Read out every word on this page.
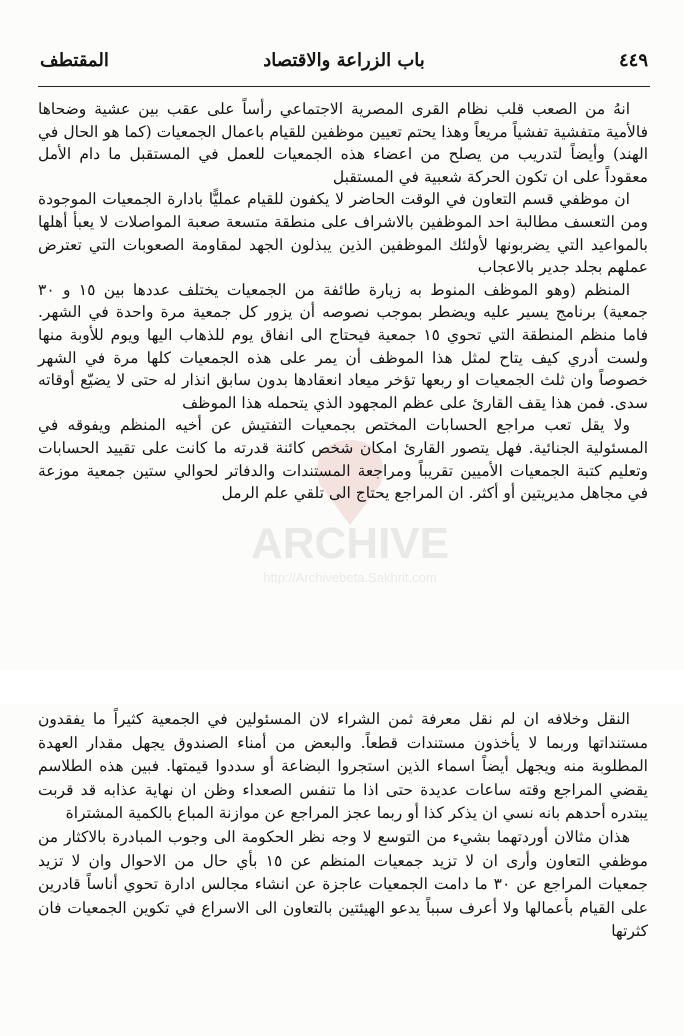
٤٤٩
باب الزراعة والاقتصاد
المقتطف
ARCHIVE
http://Archivebeta.Sakhrit.com

انهُ من الصعب قلب نظام القرى المصرية الاجتماعي رأساً على عقب بين عشية وضحاها فالأمية متفشية تفشياً مريعاً وهذا يحتم تعيين موظفين للقيام باعمال الجمعيات (كما هو الحال في الهند) وأيضاً لتدريب من يصلح من اعضاء هذه الجمعيات للعمل في المستقبل ما دام الأمل معقوداً على ان تكون الحركة شعبية في المستقبل

ان موظفي قسم التعاون في الوقت الحاضر لا يكفون للقيام عمليًّا بادارة الجمعيات الموجودة ومن التعسف مطالبة احد الموظفين بالاشراف على منطقة متسعة صعبة المواصلات لا يعبأ أهلها بالمواعيد التي يضربونها لأولئك الموظفين الذين يبذلون الجهد لمقاومة الصعوبات التي تعترض عملهم بجلد جدير بالاعجاب

المنظم (وهو الموظف المنوط به زيارة طائفة من الجمعيات يختلف عددها بين ١٥ و ٣٠ جمعية) برنامج يسير عليه ويضطر بموجب نصوصه أن يزور كل جمعية مرة واحدة في الشهر. فاما منظم المنطقة التي تحوي ١٥ جمعية فيحتاج الى انفاق يوم للذهاب اليها ويوم للأوبة منها ولست أدري كيف يتاح لمثل هذا الموظف أن يمر على هذه الجمعيات كلها مرة في الشهر خصوصاً وان ثلث الجمعيات او ربعها تؤخر ميعاد انعقادها بدون سابق انذار له حتى لا يضيّع أوقاته سدى. فمن هذا يقف القارئ على عظم المجهود الذي يتحمله هذا الموظف

ولا يقل تعب مراجع الحسابات المختص بجمعيات التفتيش عن أخيه المنظم ويفوقه في المسئولية الجنائية. فهل يتصور القارئ امكان شخص كائنة قدرته ما كانت على تقييد الحسابات وتعليم كتبة الجمعيات الأميين تقريباً ومراجعة المستندات والدفاتر لحوالي ستين جمعية موزعة في مجاهل مديريتين أو أكثر. ان المراجع يحتاج الى تلقي علم الرمل

النقل وخلافه ان لم نقل معرفة ثمن الشراء لان المسئولين في الجمعية كثيراً ما يفقدون مستنداتها وربما لا يأخذون مستندات قطعاً. والبعض من أمناء الصندوق يجهل مقدار العهدة المطلوبة منه ويجهل أيضاً اسماء الذين استجروا البضاعة أو سددوا قيمتها. فبين هذه الطلاسم يقضي المراجع وقته ساعات عديدة حتى اذا ما تنفس الصعداء وظن ان نهاية عذابه قد قربت يبتدره أحدهم بانه نسي ان يذكر كذا أو ربما عجز المراجع عن موازنة المباع بالكمية المشتراة

هذان مثالان أوردتهما بشيء من التوسع لا وجه نظر الحكومة الى وجوب المبادرة بالاكثار من موظفي التعاون وأرى ان لا تزيد جمعيات المنظم عن ١٥ بأي حال من الاحوال وان لا تزيد جمعيات المراجع عن ٣٠ ما دامت الجمعيات عاجزة عن انشاء مجالس ادارة تحوي أناساً قادرين على القيام بأعمالها ولا أعرف سبباً يدعو الهيئتين بالتعاون الى الاسراع في تكوين الجمعيات فان كثرتها
